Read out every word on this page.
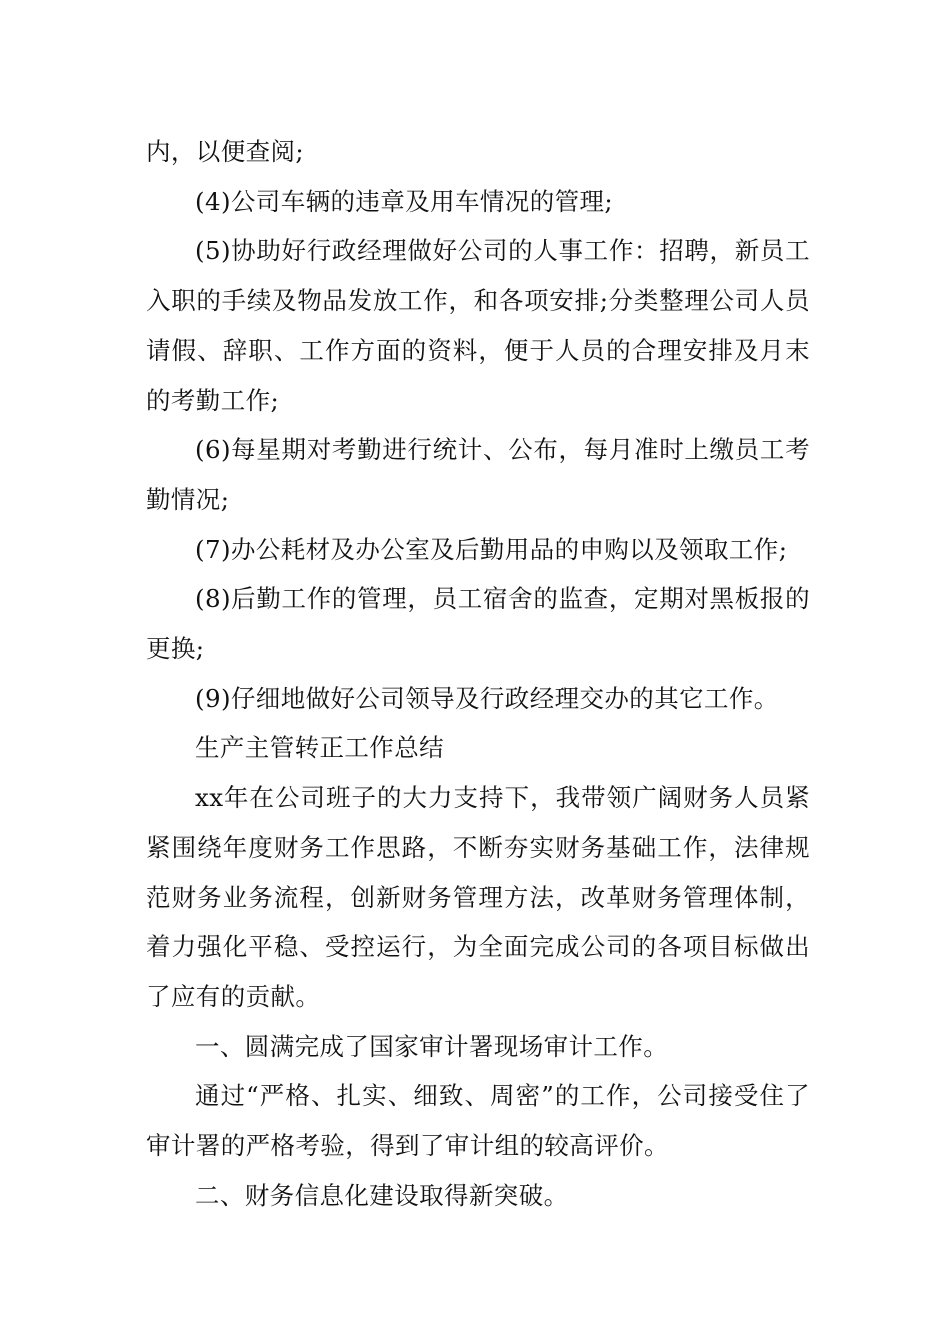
内，以便查阅;

(4)公司车辆的违章及用车情况的管理;

(5)协助好行政经理做好公司的人事工作：招聘，新员工入职的手续及物品发放工作，和各项安排;分类整理公司人员请假、辞职、工作方面的资料，便于人员的合理安排及月末的考勤工作;

(6)每星期对考勤进行统计、公布，每月准时上缴员工考勤情况;

(7)办公耗材及办公室及后勤用品的申购以及领取工作;

(8)后勤工作的管理，员工宿舍的监查，定期对黑板报的更换;

(9)仔细地做好公司领导及行政经理交办的其它工作。

生产主管转正工作总结

xx年在公司班子的大力支持下，我带领广阔财务人员紧紧围绕年度财务工作思路，不断夯实财务基础工作，法律规范财务业务流程，创新财务管理方法，改革财务管理体制，着力强化平稳、受控运行，为全面完成公司的各项目标做出了应有的贡献。

一、圆满完成了国家审计署现场审计工作。

通过“严格、扎实、细致、周密”的工作，公司接受住了审计署的严格考验，得到了审计组的较高评价。

二、财务信息化建设取得新突破。
